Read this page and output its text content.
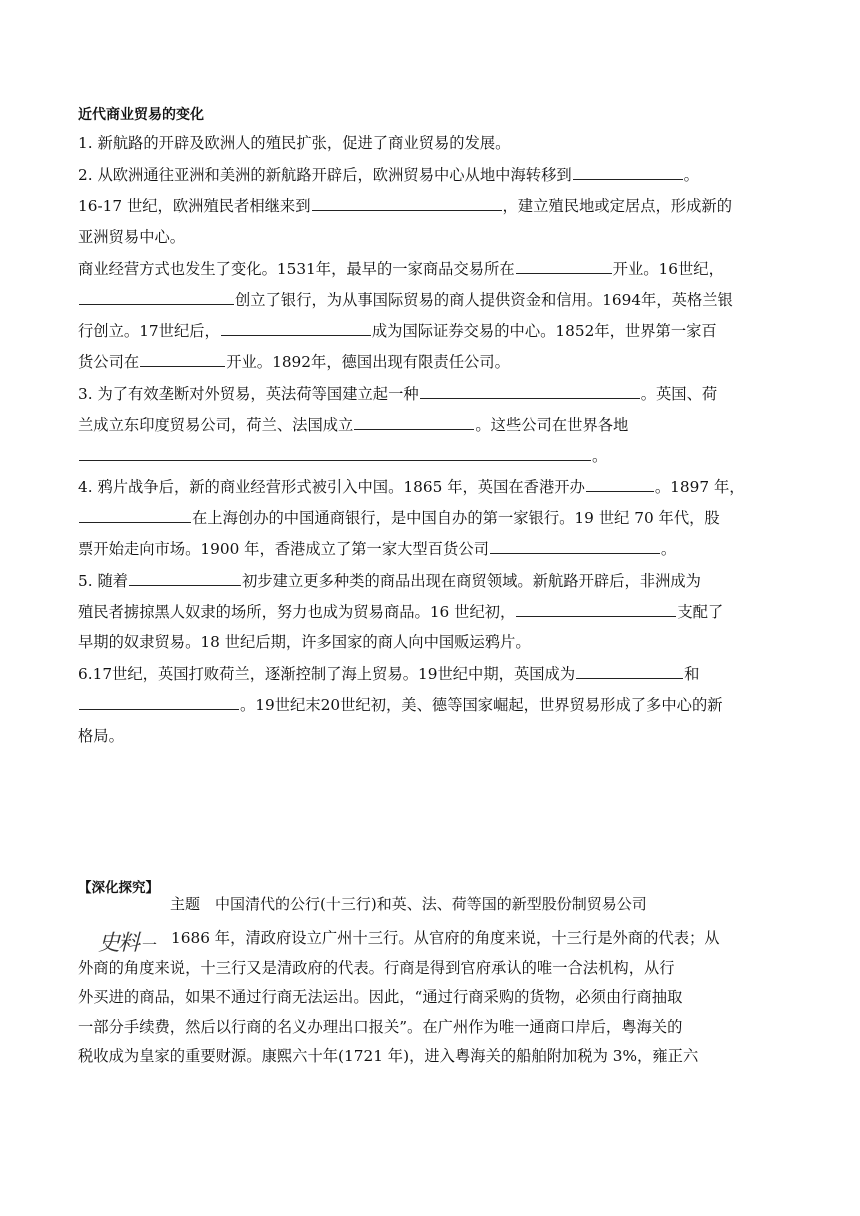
近代商业贸易的变化
1. 新航路的开辟及欧洲人的殖民扩张，促进了商业贸易的发展。
2. 从欧洲通往亚洲和美洲的新航路开辟后，欧洲贸易中心从地中海转移到	。
16-17 世纪，欧洲殖民者相继来到	，建立殖民地或定居点，形成新的
亚洲贸易中心。
商业经营方式也发生了变化。1531年，最早的一家商品交易所在	开业。16世纪，
创立了银行，为从事国际贸易的商人提供资金和信用。1694年，英格兰银
行创立。17世纪后，	成为国际证券交易的中心。1852年，世界第一家百
货公司在	开业。1892年，德国出现有限责任公司。
3. 为了有效垄断对外贸易，英法荷等国建立起一种	。英国、荷
兰成立东印度贸易公司，荷兰、法国成立	。这些公司在世界各地
。
4. 鸦片战争后，新的商业经营形式被引入中国。1865 年，英国在香港开办	。1897 年，
在上海创办的中国通商银行，是中国自办的第一家银行。19 世纪 70 年代，股
票开始走向市场。1900 年，香港成立了第一家大型百货公司	。
5. 随着	初步建立更多种类的商品出现在商贸领域。新航路开辟后，非洲成为
殖民者掳掠黑人奴隶的场所，努力也成为贸易商品。16 世纪初，	支配了
早期的奴隶贸易。18 世纪后期，许多国家的商人向中国贩运鸦片。
6.17世纪，英国打败荷兰，逐渐控制了海上贸易。19世纪中期，英国成为	和
。19世纪末20世纪初，美、德等国家崛起，世界贸易形成了多中心的新
格局。
【深化探究】
主题　中国清代的公行(十三行)和英、法、荷等国的新型股份制贸易公司
史料 一 1686 年，清政府设立广州十三行。从官府的角度来说，十三行是外商的代表；从
外商的角度来说，十三行又是清政府的代表。行商是得到官府承认的唯一合法机构，从行
外买进的商品，如果不通过行商无法运出。因此，“通过行商采购的货物，必须由行商抽取
一部分手续费，然后以行商的名义办理出口报关”。在广州作为唯一通商口岸后，粤海关的
税收成为皇家的重要财源。康熙六十年(1721 年)，进入粤海关的船舶附加税为 3%，雍正六
